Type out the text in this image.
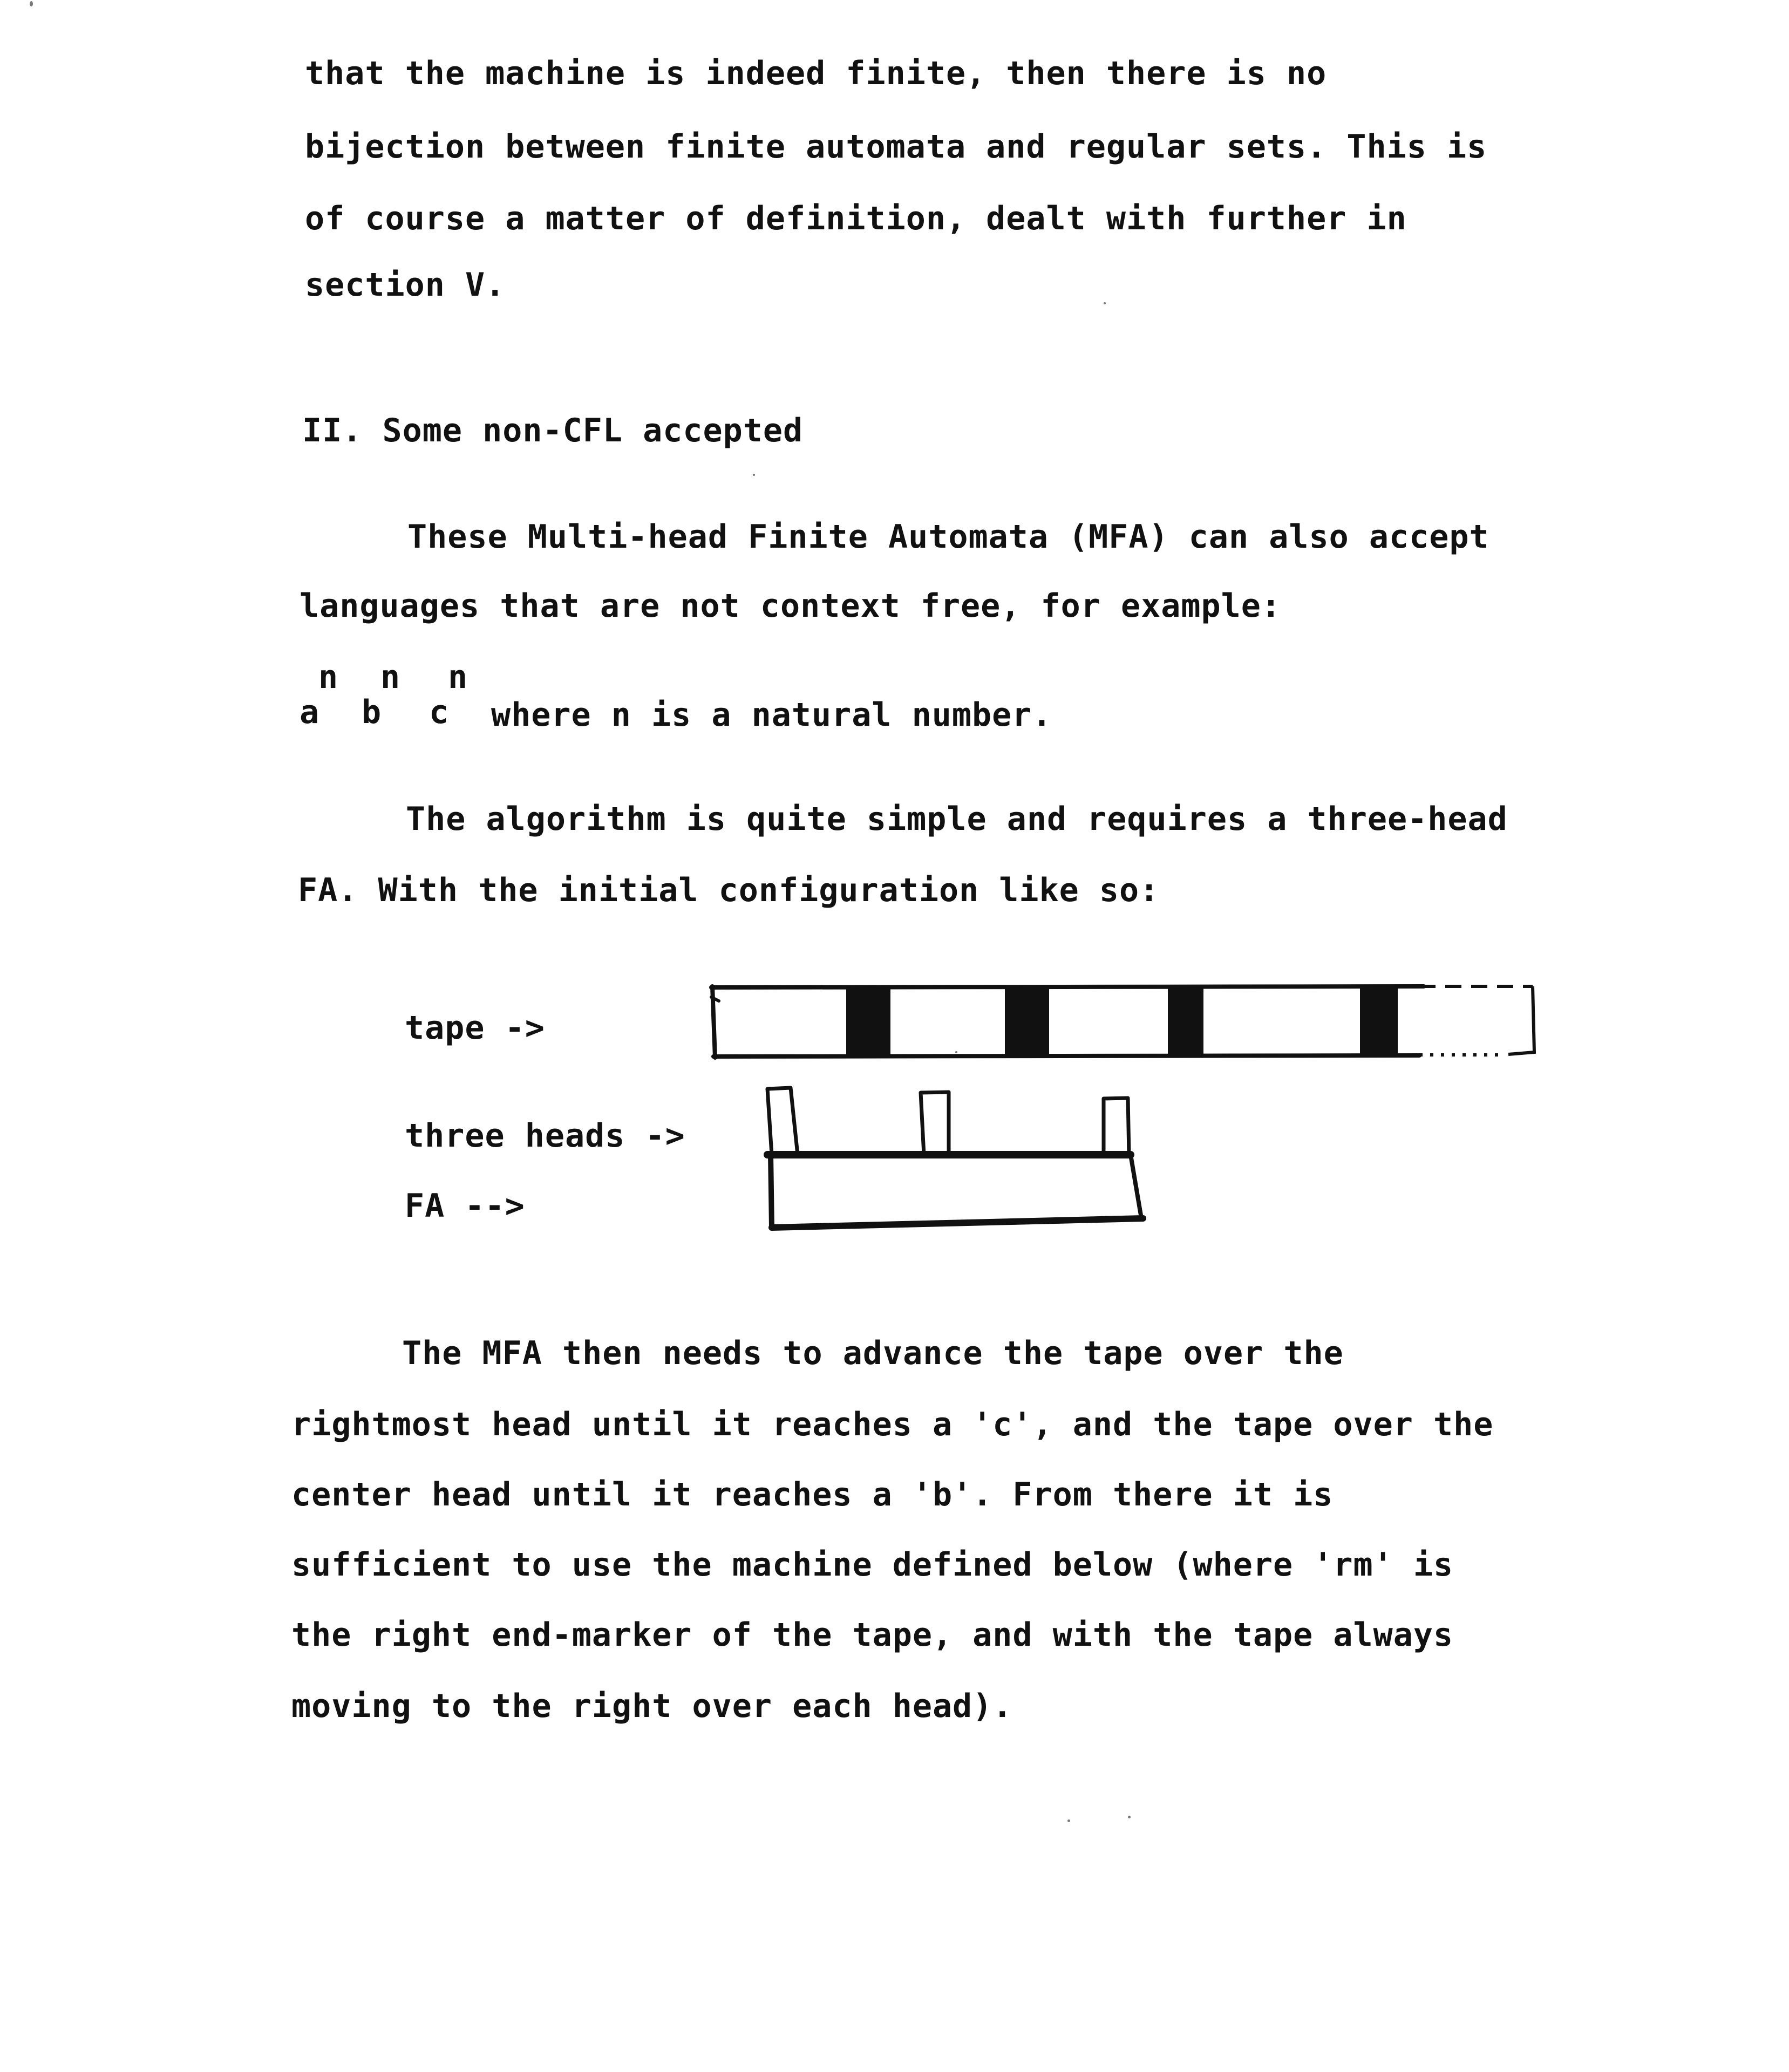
that the machine is indeed finite, then there is no
bijection between finite automata and regular sets. This is
of course a matter of definition, dealt with further in
section V.
II. Some non-CFL accepted
These Multi-head Finite Automata (MFA) can also accept
languages that are not context free, for example:
n n n
a b c where n is a natural number.
The algorithm is quite simple and requires a three-head
FA. With the initial configuration like so:
tape ->
three heads ->
FA -->
The MFA then needs to advance the tape over the
rightmost head until it reaches a 'c', and the tape over the
center head until it reaches a 'b'. From there it is
sufficient to use the machine defined below (where 'rm' is
the right end-marker of the tape, and with the tape always
moving to the right over each head).
